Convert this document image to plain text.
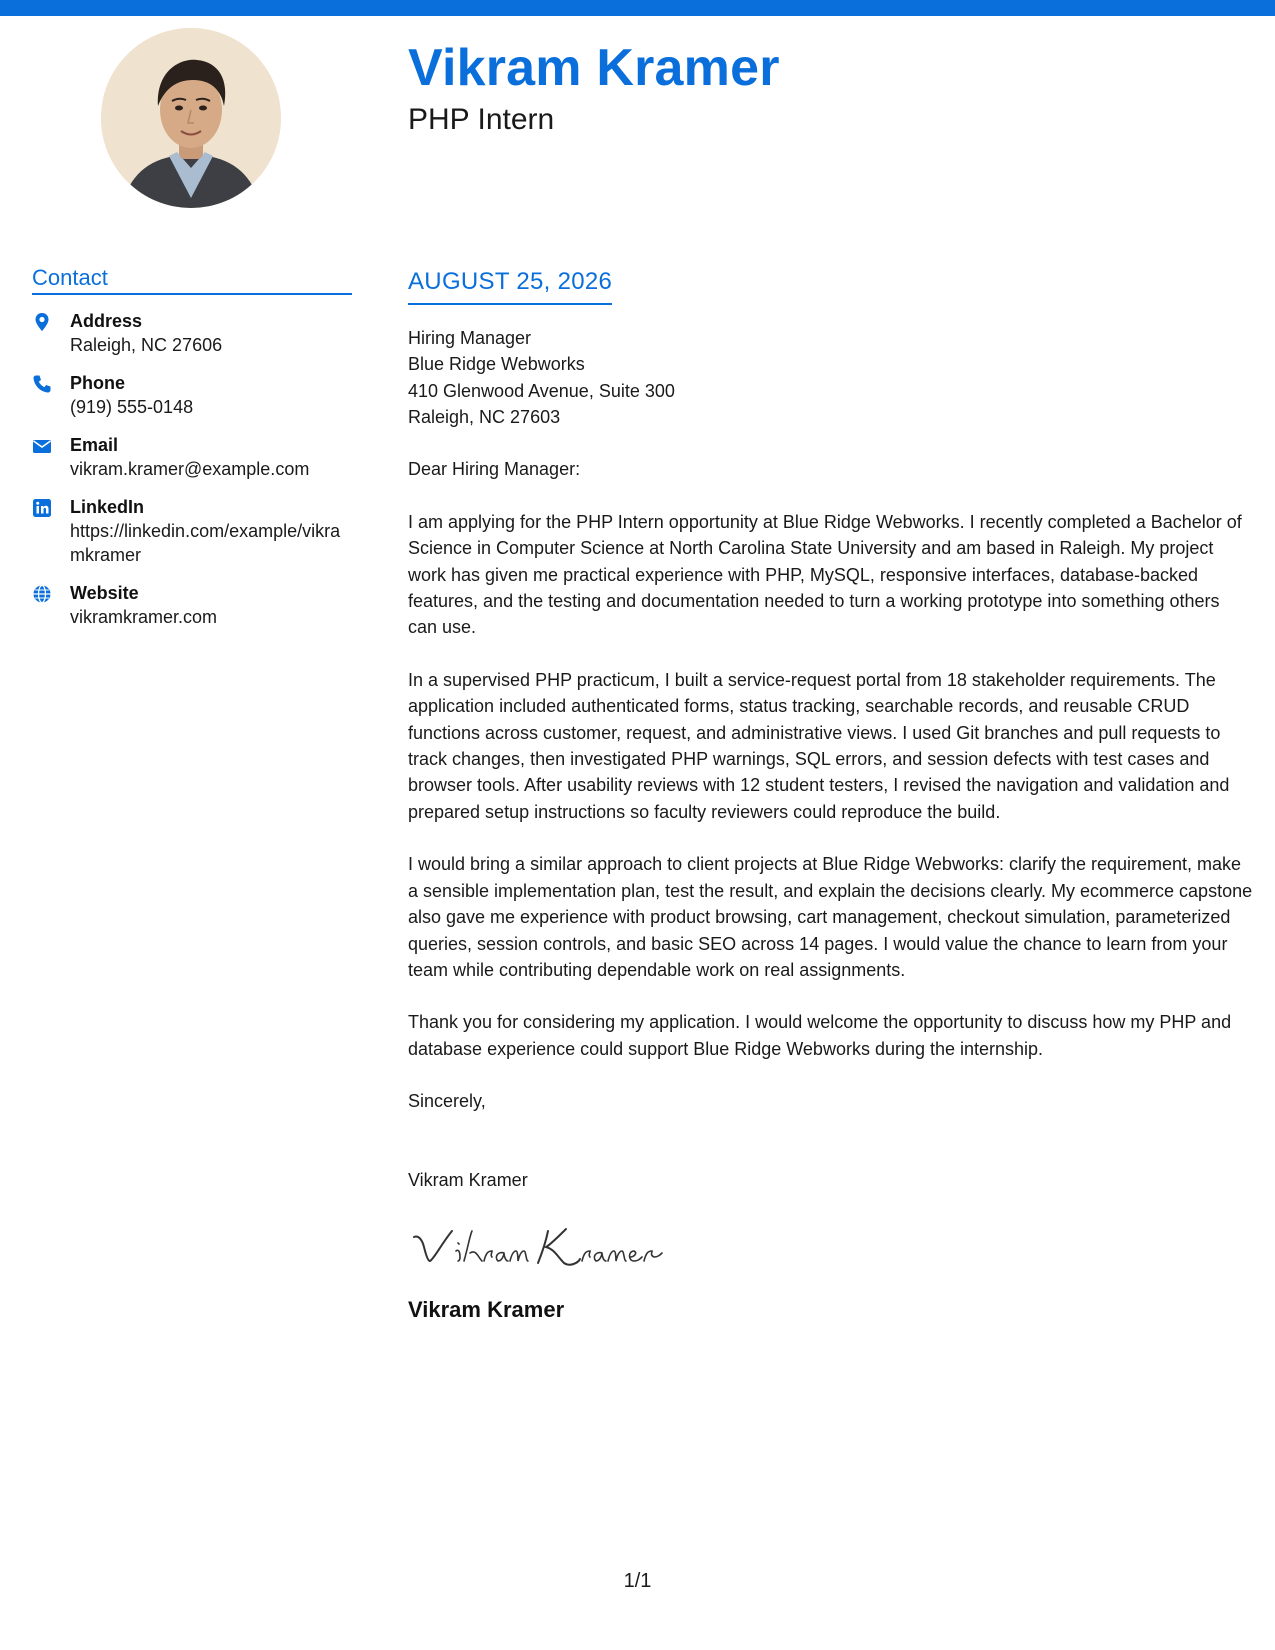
Vikram Kramer
PHP Intern
Contact
Address
Raleigh, NC 27606
Phone
(919) 555-0148
Email
vikram.kramer@example.com
LinkedIn
https://linkedin.com/example/vikramkramer
Website
vikramkramer.com
AUGUST 25, 2026
Hiring Manager
Blue Ridge Webworks
410 Glenwood Avenue, Suite 300
Raleigh, NC 27603

Dear Hiring Manager:

I am applying for the PHP Intern opportunity at Blue Ridge Webworks. I recently completed a Bachelor of Science in Computer Science at North Carolina State University and am based in Raleigh. My project work has given me practical experience with PHP, MySQL, responsive interfaces, database-backed features, and the testing and documentation needed to turn a working prototype into something others can use.

In a supervised PHP practicum, I built a service-request portal from 18 stakeholder requirements. The application included authenticated forms, status tracking, searchable records, and reusable CRUD functions across customer, request, and administrative views. I used Git branches and pull requests to track changes, then investigated PHP warnings, SQL errors, and session defects with test cases and browser tools. After usability reviews with 12 student testers, I revised the navigation and validation and prepared setup instructions so faculty reviewers could reproduce the build.

I would bring a similar approach to client projects at Blue Ridge Webworks: clarify the requirement, make a sensible implementation plan, test the result, and explain the decisions clearly. My ecommerce capstone also gave me experience with product browsing, cart management, checkout simulation, parameterized queries, session controls, and basic SEO across 14 pages. I would value the chance to learn from your team while contributing dependable work on real assignments.

Thank you for considering my application. I would welcome the opportunity to discuss how my PHP and database experience could support Blue Ridge Webworks during the internship.

Sincerely,

Vikram Kramer

Vikram Kramer

1/1
